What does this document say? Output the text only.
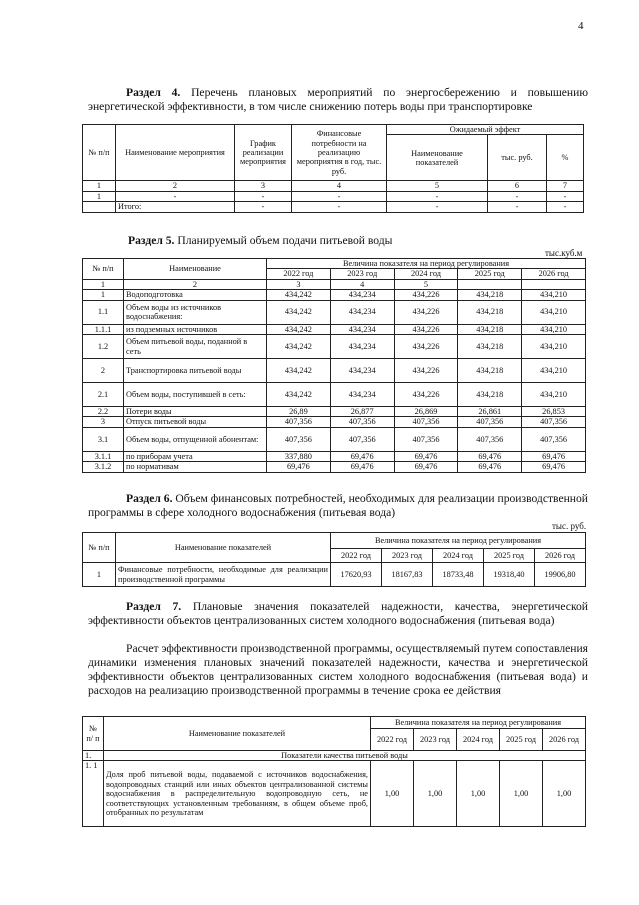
4
Раздел 4. Перечень плановых мероприятий по энергосбережению и повышению энергетической эффективности, в том числе снижению потерь воды при транспортировке
№ п/п	Наименование мероприятия	График реализации мероприятия	Финансовые потребности на реализацию мероприятия в год, тыс. руб.	Ожидаемый эффект		
				Наименование показателей	тыс. руб.	%
1	2	3	4	5	6	7
1	-	-	-	-	-	-
	Итого:	-	-	-	-	-
Раздел 5. Планируемый объем подачи питьевой воды
тыс.куб.м
№ п/п	Наименование	Величина показателя на период регулирования				
		2022 год	2023 год	2024 год	2025 год	2026 год
1	2	3	4	5		
1	Водоподготовка	434,242	434,234	434,226	434,218	434,210
1.1	Объем воды из источников водоснабжения:	434,242	434,234	434,226	434,218	434,210
1.1.1	из подземных источников	434,242	434,234	434,226	434,218	434,210
1.2	Объем питьевой воды, поданной в сеть	434,242	434,234	434,226	434,218	434,210
2	Транспортировка питьевой воды	434,242	434,234	434,226	434,218	434,210
2.1	Объем воды, поступившей в сеть:	434,242	434,234	434,226	434,218	434,210
2.2	Потери воды	26,89	26,877	26,869	26,861	26,853
3	Отпуск питьевой воды	407,356	407,356	407,356	407,356	407,356
3.1	Объем воды, отпущенной абонентам:	407,356	407,356	407,356	407,356	407,356
3.1.1	по приборам учета	337,880	69,476	69,476	69,476	69,476
3.1.2	по нормативам	69,476	69,476	69,476	69,476	69,476
Раздел 6. Объем финансовых потребностей, необходимых для реализации производственной программы в сфере холодного водоснабжения (питьевая вода)
тыс. руб.
№ п/п	Наименование показателей	Величина показателя на период регулирования				
		2022 год	2023 год	2024 год	2025 год	2026 год
1	Финансовые потребности, необходимые для реализации производственной программы	17620,93	18167,83	18733,48	19318,40	19906,80
Раздел 7. Плановые значения показателей надежности, качества, энергетической эффективности объектов централизованных систем холодного водоснабжения (питьевая вода)
Расчет эффективности производственной программы, осуществляемый путем сопоставления динамики изменения плановых значений показателей надежности, качества и энергетической эффективности объектов централизованных систем холодного водоснабжения (питьевая вода) и расходов на реализацию производственной программы в течение срока ее действия
№ п/ п	Наименование показателей	Величина показателя на период регулирования				
		2022 год	2023 год	2024 год	2025 год	2026 год
1.	Показатели качества питьевой воды					
1. 1	Доля проб питьевой воды, подаваемой с источников водоснабжения, водопроводных станций или иных объектов централизованной системы водоснабжения в распределительную водопроводную сеть, не соответствующих установленным требованиям, в общем объеме проб, отобранных по результатам	1,00	1,00	1,00	1,00	1,00
